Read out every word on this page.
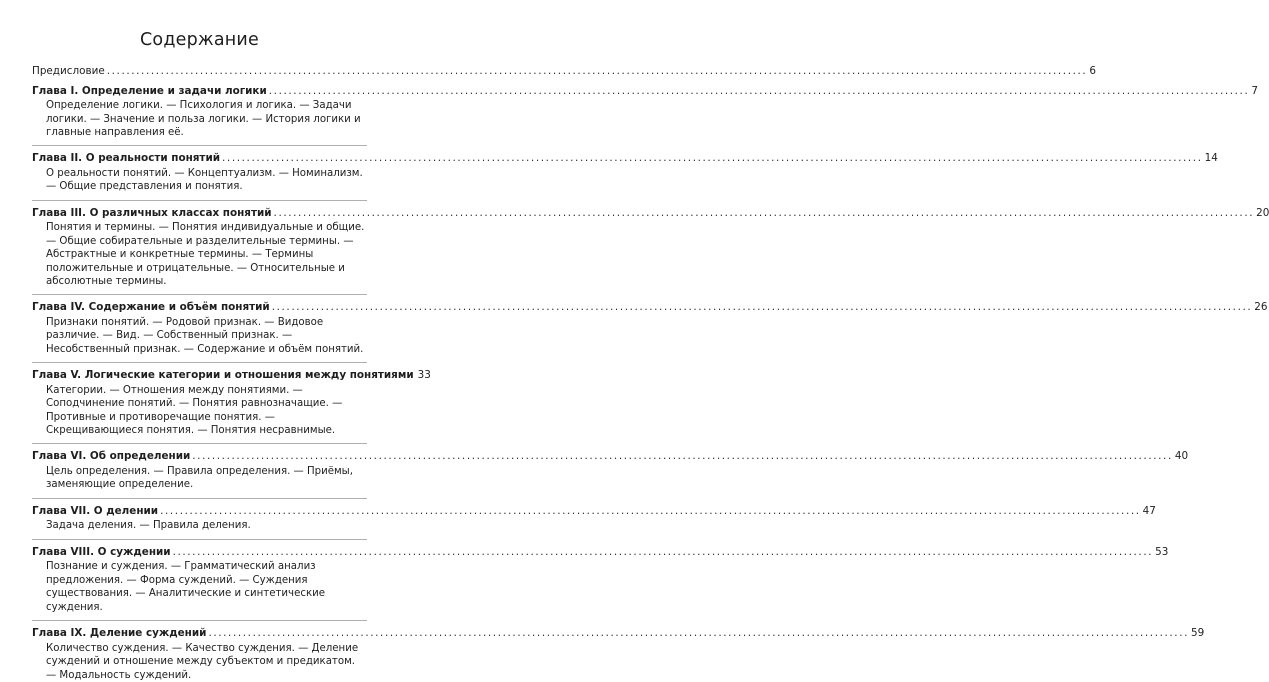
Содержание
Предисловие ........................................................................................................................................................................................................ 6
Глава I. Определение и задачи логики ........................................................................................................................................................................................................ 7
Определение логики. — Психология и логика. — Задачи логики. — Значение и польза логики. — История логики и главные направления её.
Глава II. О реальности понятий ........................................................................................................................................................................................................ 14
О реальности понятий. — Концептуализм. — Номинализм. — Общие представления и понятия.
Глава III. О различных классах понятий ........................................................................................................................................................................................................ 20
Понятия и термины. — Понятия индивидуальные и общие. — Общие собирательные и разделительные термины. — Абстрактные и конкретные термины. — Термины положительные и отрицательные. — Относительные и абсолютные термины.
Глава IV. Содержание и объём понятий ........................................................................................................................................................................................................ 26
Признаки понятий. — Родовой признак. — Видовое различие. — Вид. — Собственный признак. — Несобственный признак. — Содержание и объём понятий.
Глава V. Логические категории и отношения между понятиями 33
Категории. — Отношения между понятиями. — Соподчинение понятий. — Понятия равнозначащие. — Противные и противоречащие понятия. — Скрещивающиеся понятия. — Понятия несравнимые.
Глава VI. Об определении ........................................................................................................................................................................................................ 40
Цель определения. — Правила определения. — Приёмы, заменяющие определение.
Глава VII. О делении ........................................................................................................................................................................................................ 47
Задача деления. — Правила деления.
Глава VIII. О суждении ........................................................................................................................................................................................................ 53
Познание и суждения. — Грамматический анализ предложения. — Форма суждений. — Суждения существования. — Аналитические и синтетические суждения.
Глава IX. Деление суждений ........................................................................................................................................................................................................ 59
Количество суждения. — Качество суждения. — Деление суждений и отношение между субъектом и предикатом. — Модальность суждений.
